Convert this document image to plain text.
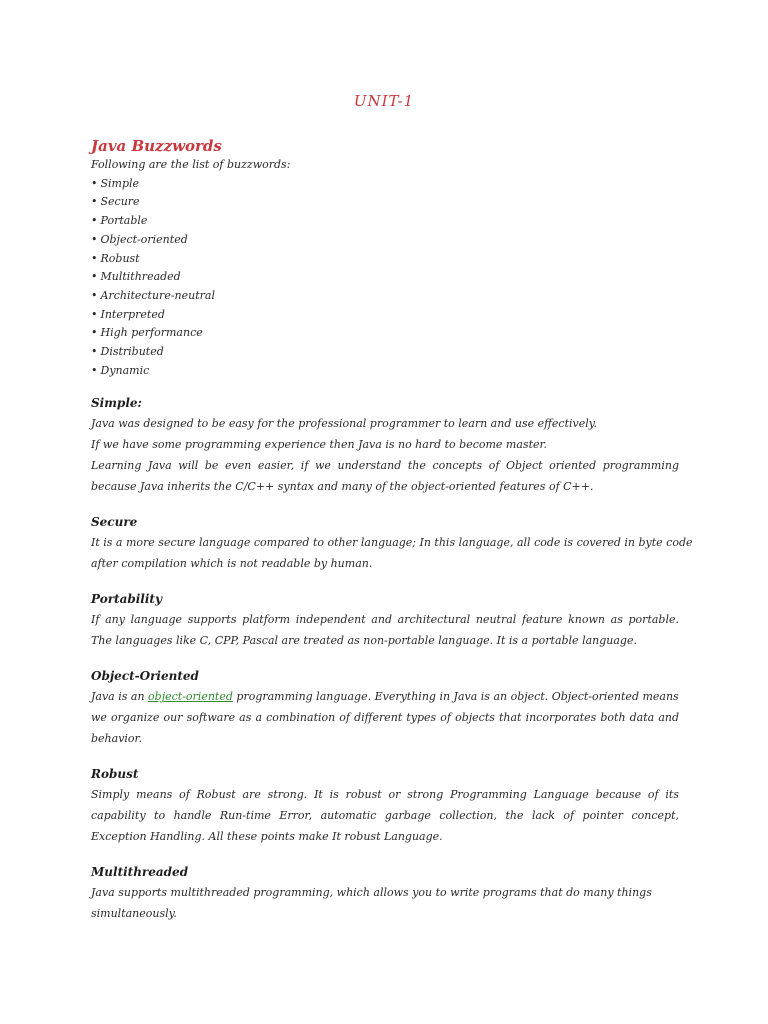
UNIT-1

Java Buzzwords

Following are the list of buzzwords:

• Simple

• Secure

• Portable

• Object-oriented

• Robust

• Multithreaded

• Architecture-neutral

• Interpreted

• High performance

• Distributed

• Dynamic

Simple:

Java was designed to be easy for the professional programmer to learn and use effectively.
If we have some programming experience then Java is no hard to become master.
Learning Java will be even easier, if we understand the concepts of Object oriented programming
because Java inherits the C/C++ syntax and many of the object-oriented features of C++.

Secure

It is a more secure language compared to other language; In this language, all code is covered in byte code
after compilation which is not readable by human.

Portability

If any language supports platform independent and architectural neutral feature known as portable.
The languages like C, CPP, Pascal are treated as non-portable language. It is a portable language.

Object-Oriented

Java is an object-oriented programming language. Everything in Java is an object. Object-oriented means
we organize our software as a combination of different types of objects that incorporates both data and
behavior.

Robust

Simply means of Robust are strong. It is robust or strong Programming Language because of its
capability to handle Run-time Error, automatic garbage collection, the lack of pointer concept,
Exception Handling. All these points make It robust Language.

Multithreaded

Java supports multithreaded programming, which allows you to write programs that do many things
simultaneously.
